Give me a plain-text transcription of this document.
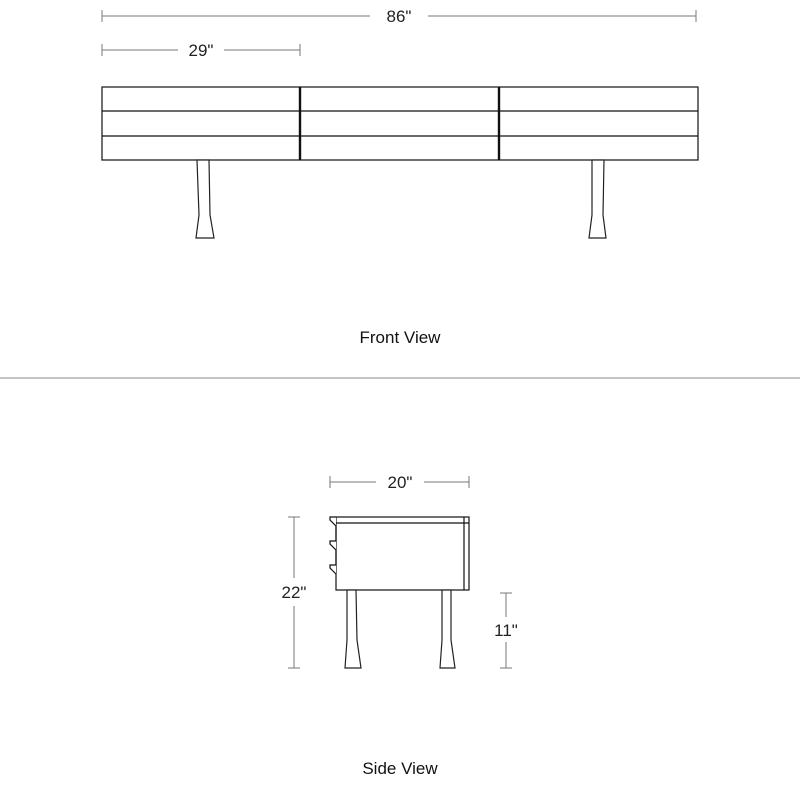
86"
29"
Front View
20"
22"
11"
Side View
